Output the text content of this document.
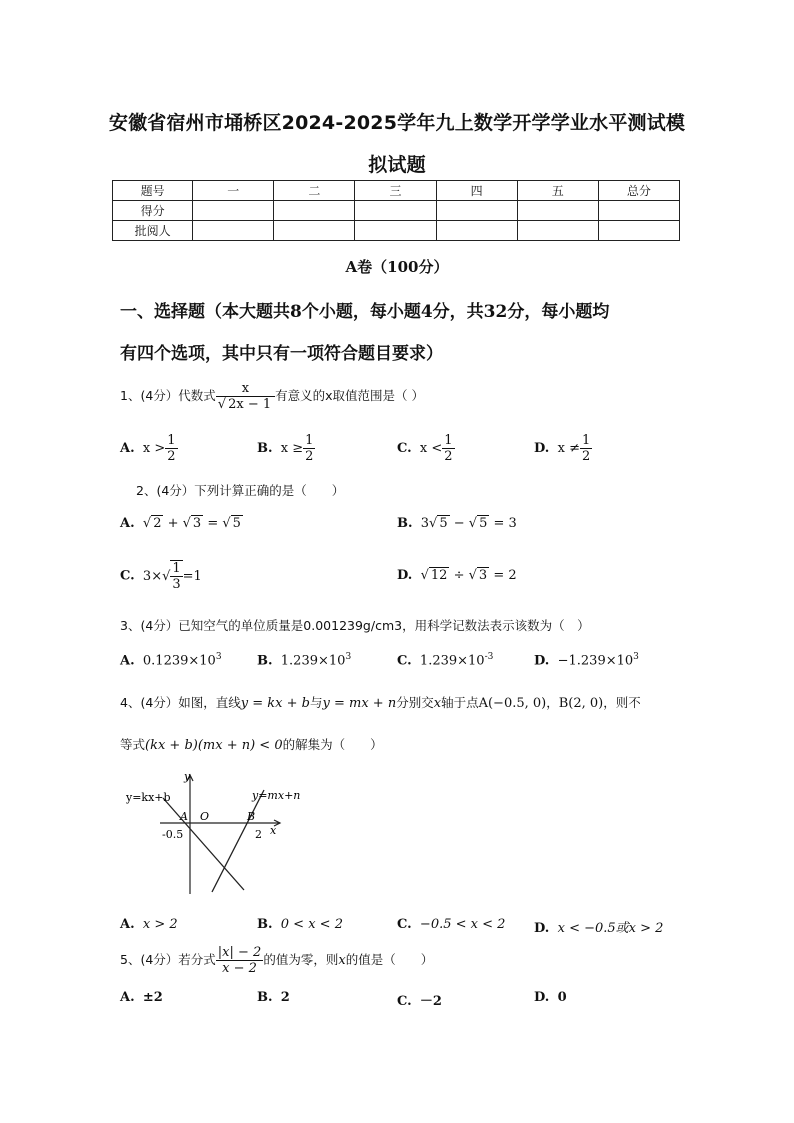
安徽省宿州市埇桥区2024-2025学年九上数学开学学业水平测试模
拟试题
题号	一	二	三	四	五	总分
得分						
批阅人						
A卷（100分）
一、选择题（本大题共8个小题，每小题4分，共32分，每小题均
有四个选项，其中只有一项符合题目要求）
1、(4分）代数式 $\frac{x}{√ 2x - 1}$ 有意义的x取值范围是（ ）
A. $x > \frac{1}{2}$	B. $x \ge \frac{1}{2}$	C. $x < \frac{1}{2}$	D. $x \ne \frac{1}{2}$
2、(4分）下列计算正确的是（　　）
A. √ 2 + √ 3 = √ 5	B. 3√ 5 − √ 5 = 3
C. $3\times√ \frac{1}{3} =1$	D. √ 12 ÷ √ 3 = 2
3、(4分）已知空气的单位质量是0.001239g/cm3，用科学记数法表示该数为（　）
A. $0.1239\times 10^3$	B. $1.239\times 10^3$	C. $1.239\times 10^{-3}$	D. $-1.239\times 10^3$
4、(4分）如图，直线y = kx + b与y = mx + n分别交x轴于点A(−0.5, 0)，B(2, 0)，则不
等式(kx + b)(mx + n) < 0的解集为（　　）
y=kx+b	y=mx+n
y
x
A O	B
-0.5	2
A. x > 2	B. 0 < x < 2	C. −0.5 < x < 2 D. x < −0.5或x > 2
5、(4分）若分式 $\frac{|x| - 2}{x - 2}$ 的值为零，则x的值是（　　）
A. ±2	B. 2	C. －2	D. 0
